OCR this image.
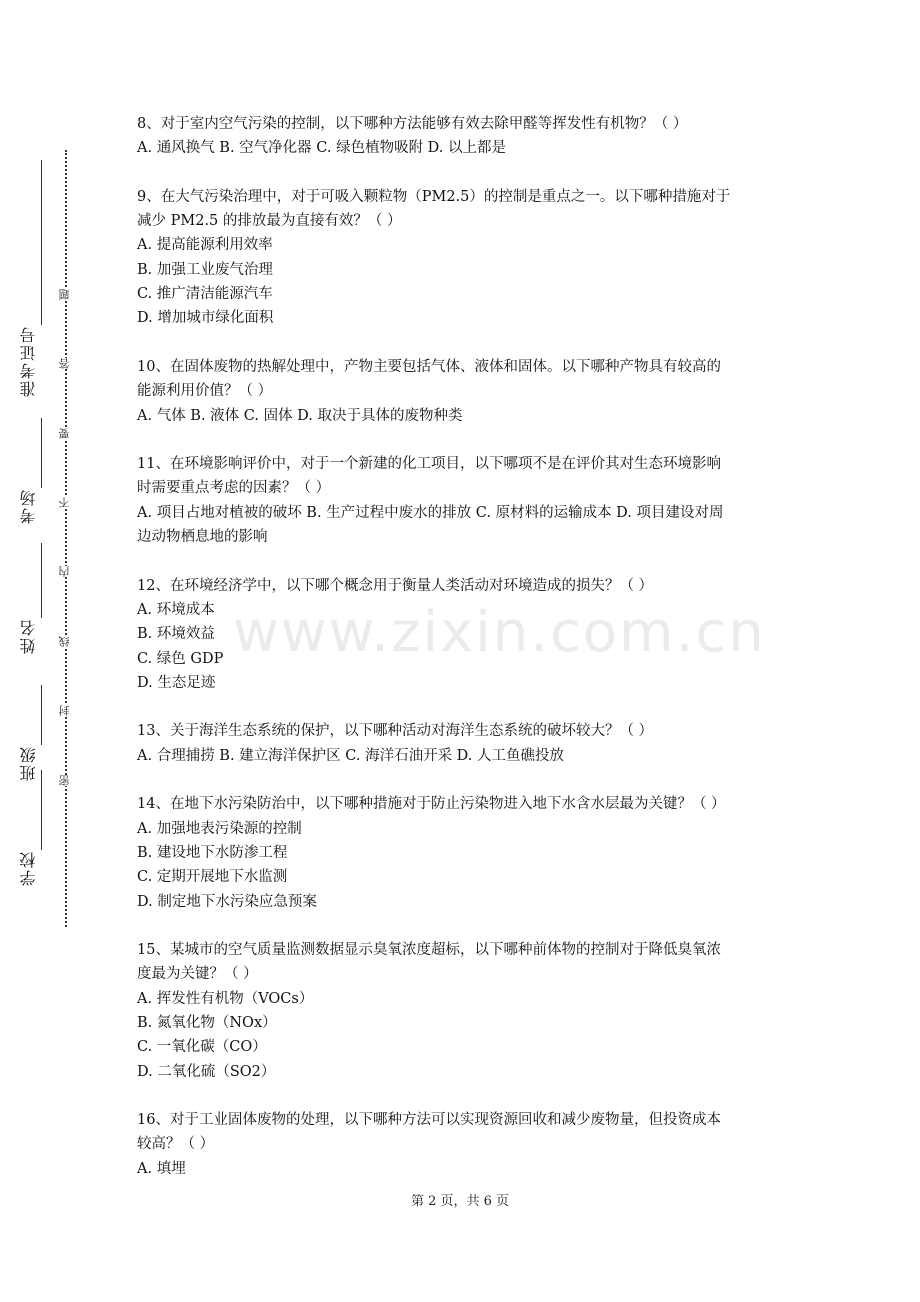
学校
班级
姓名
考场
准考证号
密
封
线
内
不
要
答
题
8、对于室内空气污染的控制，以下哪种方法能够有效去除甲醛等挥发性有机物？（ ）
A. 通风换气 B. 空气净化器 C. 绿色植物吸附 D. 以上都是
9、在大气污染治理中，对于可吸入颗粒物（PM2.5）的控制是重点之一。以下哪种措施对于
减少 PM2.5 的排放最为直接有效？（ ）
A. 提高能源利用效率
B. 加强工业废气治理
C. 推广清洁能源汽车
D. 增加城市绿化面积
10、在固体废物的热解处理中，产物主要包括气体、液体和固体。以下哪种产物具有较高的
能源利用价值？（ ）
A. 气体 B. 液体 C. 固体 D. 取决于具体的废物种类
11、在环境影响评价中，对于一个新建的化工项目，以下哪项不是在评价其对生态环境影响
时需要重点考虑的因素？（ ）
A. 项目占地对植被的破坏 B. 生产过程中废水的排放 C. 原材料的运输成本 D. 项目建设对周
边动物栖息地的影响
12、在环境经济学中，以下哪个概念用于衡量人类活动对环境造成的损失？（ ）
A. 环境成本
B. 环境效益
C. 绿色 GDP
D. 生态足迹
13、关于海洋生态系统的保护，以下哪种活动对海洋生态系统的破坏较大？（ ）
A. 合理捕捞 B. 建立海洋保护区 C. 海洋石油开采 D. 人工鱼礁投放
14、在地下水污染防治中，以下哪种措施对于防止污染物进入地下水含水层最为关键？（ ）
A. 加强地表污染源的控制
B. 建设地下水防渗工程
C. 定期开展地下水监测
D. 制定地下水污染应急预案
15、某城市的空气质量监测数据显示臭氧浓度超标，以下哪种前体物的控制对于降低臭氧浓
度最为关键？（ ）
A. 挥发性有机物（VOCs）
B. 氮氧化物（NOx）
C. 一氧化碳（CO）
D. 二氧化硫（SO2）
16、对于工业固体废物的处理，以下哪种方法可以实现资源回收和减少废物量，但投资成本
较高？（ ）
A. 填埋
www.zixin.com.cn
第 2 页，共 6 页
